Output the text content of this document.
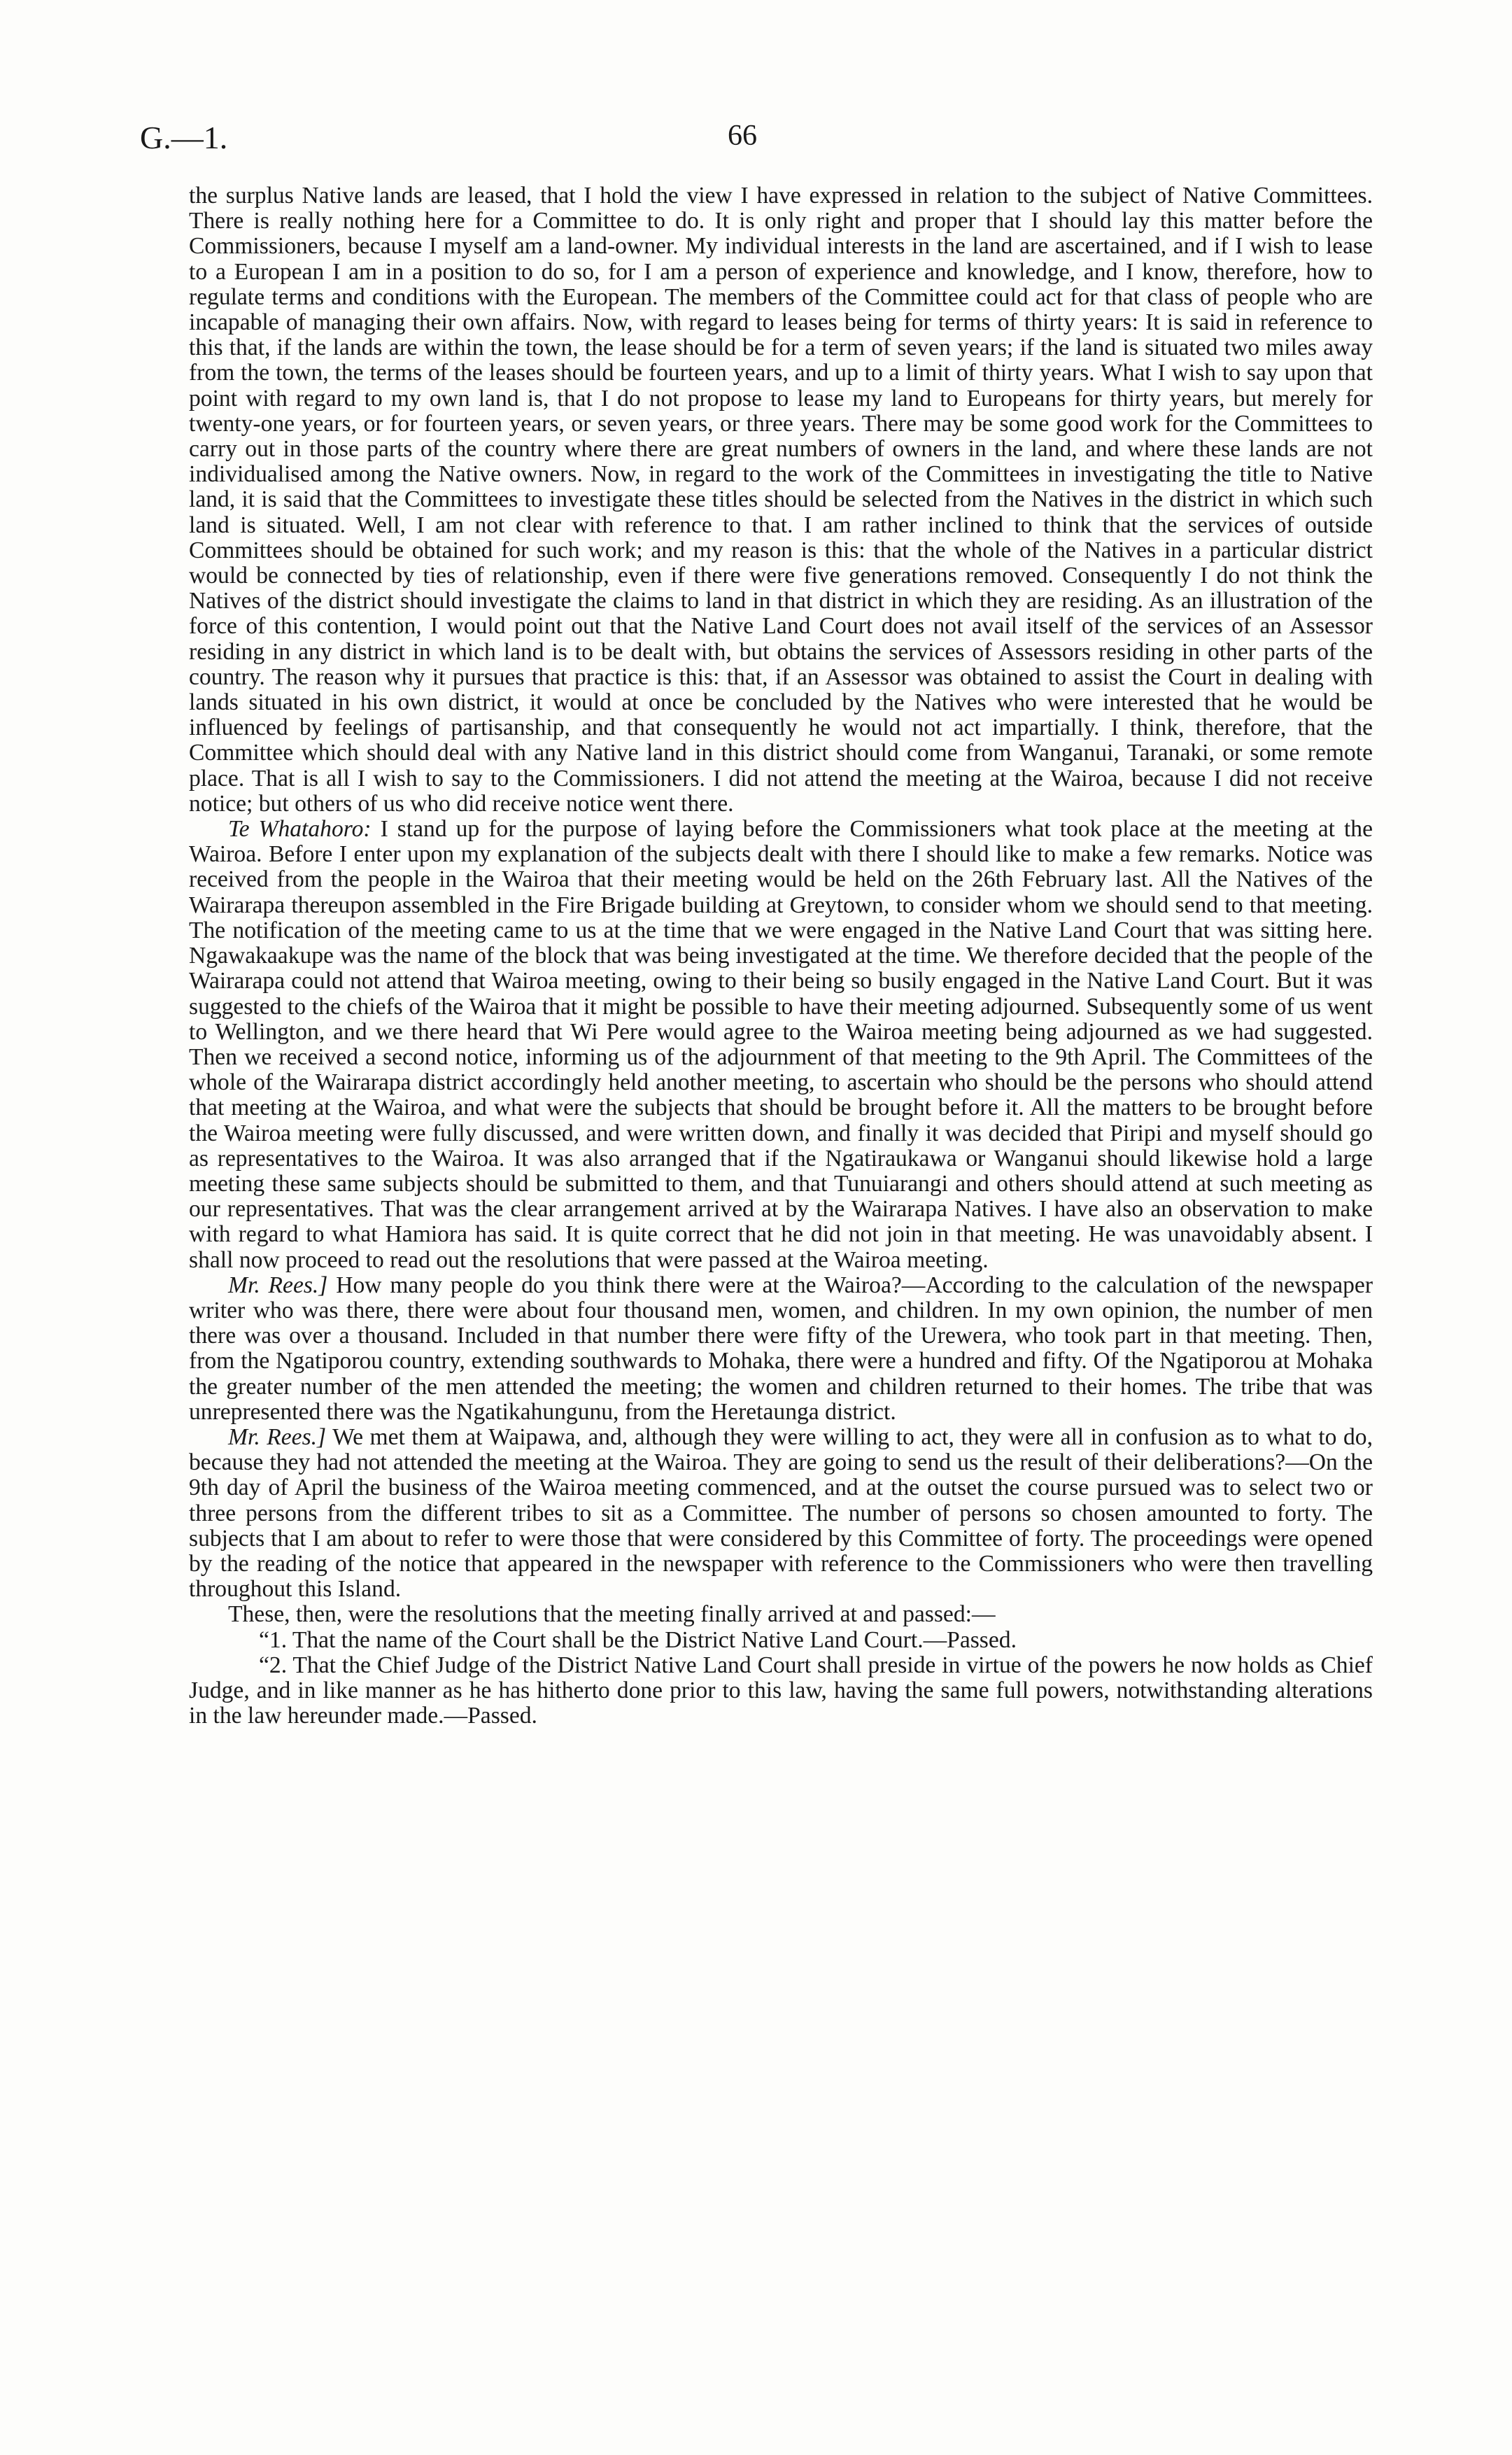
G.—1.	66

the surplus Native lands are leased, that I hold the view I have expressed in relation to the subject of Native Committees. There is really nothing here for a Committee to do. It is only right and proper that I should lay this matter before the Commissioners, because I myself am a land-owner. My individual interests in the land are ascertained, and if I wish to lease to a European I am in a position to do so, for I am a person of experience and knowledge, and I know, therefore, how to regulate terms and conditions with the European. The members of the Committee could act for that class of people who are incapable of managing their own affairs. Now, with regard to leases being for terms of thirty years: It is said in reference to this that, if the lands are within the town, the lease should be for a term of seven years; if the land is situated two miles away from the town, the terms of the leases should be fourteen years, and up to a limit of thirty years. What I wish to say upon that point with regard to my own land is, that I do not propose to lease my land to Europeans for thirty years, but merely for twenty-one years, or for fourteen years, or seven years, or three years. There may be some good work for the Committees to carry out in those parts of the country where there are great numbers of owners in the land, and where these lands are not individualised among the Native owners. Now, in regard to the work of the Committees in investigating the title to Native land, it is said that the Committees to investigate these titles should be selected from the Natives in the district in which such land is situated. Well, I am not clear with reference to that. I am rather inclined to think that the services of outside Committees should be obtained for such work; and my reason is this: that the whole of the Natives in a particular district would be connected by ties of relationship, even if there were five generations removed. Consequently I do not think the Natives of the district should investigate the claims to land in that district in which they are residing. As an illustration of the force of this contention, I would point out that the Native Land Court does not avail itself of the services of an Assessor residing in any district in which land is to be dealt with, but obtains the services of Assessors residing in other parts of the country. The reason why it pursues that practice is this: that, if an Assessor was obtained to assist the Court in dealing with lands situated in his own district, it would at once be concluded by the Natives who were interested that he would be influenced by feelings of partisanship, and that consequently he would not act impartially. I think, therefore, that the Committee which should deal with any Native land in this district should come from Wanganui, Taranaki, or some remote place. That is all I wish to say to the Commissioners. I did not attend the meeting at the Wairoa, because I did not receive notice; but others of us who did receive notice went there.

Te Whatahoro: I stand up for the purpose of laying before the Commissioners what took place at the meeting at the Wairoa. Before I enter upon my explanation of the subjects dealt with there I should like to make a few remarks. Notice was received from the people in the Wairoa that their meeting would be held on the 26th February last. All the Natives of the Wairarapa thereupon assembled in the Fire Brigade building at Greytown, to consider whom we should send to that meeting. The notification of the meeting came to us at the time that we were engaged in the Native Land Court that was sitting here. Ngawakaakupe was the name of the block that was being investigated at the time. We therefore decided that the people of the Wairarapa could not attend that Wairoa meeting, owing to their being so busily engaged in the Native Land Court. But it was suggested to the chiefs of the Wairoa that it might be possible to have their meeting adjourned. Subsequently some of us went to Wellington, and we there heard that Wi Pere would agree to the Wairoa meeting being adjourned as we had suggested. Then we received a second notice, informing us of the adjournment of that meeting to the 9th April. The Committees of the whole of the Wairarapa district accordingly held another meeting, to ascertain who should be the persons who should attend that meeting at the Wairoa, and what were the subjects that should be brought before it. All the matters to be brought before the Wairoa meeting were fully discussed, and were written down, and finally it was decided that Piripi and myself should go as representatives to the Wairoa. It was also arranged that if the Ngatiraukawa or Wanganui should likewise hold a large meeting these same subjects should be submitted to them, and that Tunuiarangi and others should attend at such meeting as our representatives. That was the clear arrangement arrived at by the Wairarapa Natives. I have also an observation to make with regard to what Hamiora has said. It is quite correct that he did not join in that meeting. He was unavoidably absent. I shall now proceed to read out the resolutions that were passed at the Wairoa meeting.

Mr. Rees.] How many people do you think there were at the Wairoa?—According to the calculation of the newspaper writer who was there, there were about four thousand men, women, and children. In my own opinion, the number of men there was over a thousand. Included in that number there were fifty of the Urewera, who took part in that meeting. Then, from the Ngatiporou country, extending southwards to Mohaka, there were a hundred and fifty. Of the Ngatiporou at Mohaka the greater number of the men attended the meeting; the women and children returned to their homes. The tribe that was unrepresented there was the Ngatikahungunu, from the Heretaunga district.

Mr. Rees.] We met them at Waipawa, and, although they were willing to act, they were all in confusion as to what to do, because they had not attended the meeting at the Wairoa. They are going to send us the result of their deliberations?—On the 9th day of April the business of the Wairoa meeting commenced, and at the outset the course pursued was to select two or three persons from the different tribes to sit as a Committee. The number of persons so chosen amounted to forty. The subjects that I am about to refer to were those that were considered by this Committee of forty. The proceedings were opened by the reading of the notice that appeared in the newspaper with reference to the Commissioners who were then travelling throughout this Island.

These, then, were the resolutions that the meeting finally arrived at and passed:—

“1. That the name of the Court shall be the District Native Land Court.—Passed.

“2. That the Chief Judge of the District Native Land Court shall preside in virtue of the powers he now holds as Chief Judge, and in like manner as he has hitherto done prior to this law, having the same full powers, notwithstanding alterations in the law hereunder made.—Passed.
